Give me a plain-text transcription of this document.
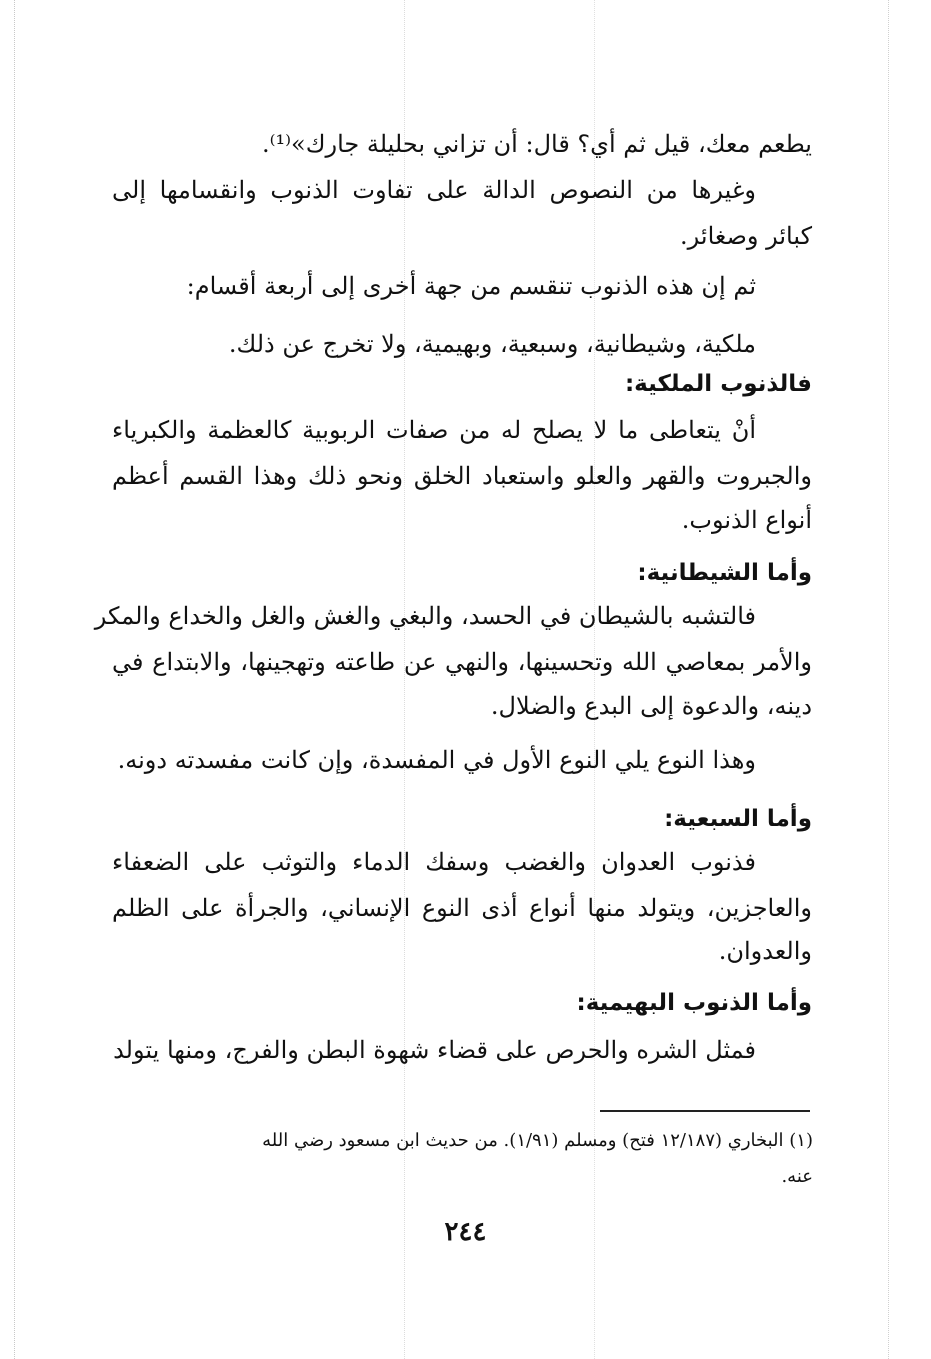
يطعم معك، قيل ثم أي؟ قال: أن تزاني بحليلة جارك»⁽¹⁾.
وغيرها من النصوص الدالة على تفاوت الذنوب وانقسامها إلى
كبائر وصغائر.
ثم إن هذه الذنوب تنقسم من جهة أخرى إلى أربعة أقسام:
ملكية، وشيطانية، وسبعية، وبهيمية، ولا تخرج عن ذلك.
فالذنوب الملكية:
أنْ يتعاطى ما لا يصلح له من صفات الربوبية كالعظمة والكبرياء
والجبروت والقهر والعلو واستعباد الخلق ونحو ذلك وهذا القسم أعظم
أنواع الذنوب.
وأما الشيطانية:
فالتشبه بالشيطان في الحسد، والبغي والغش والغل والخداع والمكر
والأمر بمعاصي الله وتحسينها، والنهي عن طاعته وتهجينها، والابتداع في
دينه، والدعوة إلى البدع والضلال.
وهذا النوع يلي النوع الأول في المفسدة، وإن كانت مفسدته دونه.
وأما السبعية:
فذنوب العدوان والغضب وسفك الدماء والتوثب على الضعفاء
والعاجزين، ويتولد منها أنواع أذى النوع الإنساني، والجرأة على الظلم
والعدوان.
وأما الذنوب البهيمية:
فمثل الشره والحرص على قضاء شهوة البطن والفرج، ومنها يتولد
(١) البخاري (١٢/١٨٧ فتح) ومسلم (١/٩١). من حديث ابن مسعود رضي الله
عنه.
٢٤٤
